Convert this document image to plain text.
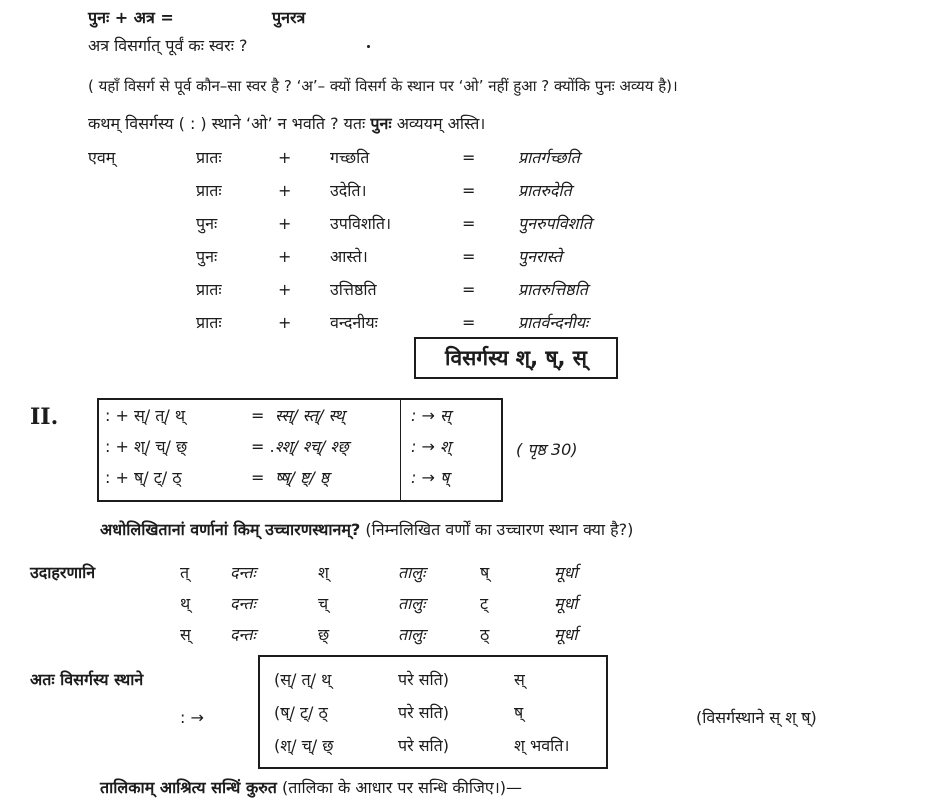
पुनः + अत्र =	पुनरत्र
अत्र विसर्गात् पूर्वं कः स्वरः ?
( यहाँ विसर्ग से पूर्व कौन–सा स्वर है ? ‘अ’– क्यों विसर्ग के स्थान पर ‘ओ’ नहीं हुआ ? क्योंकि पुनः अव्यय है)।
कथम् विसर्गस्य ( : ) स्थाने ‘ओ’ न भवति ? यतः पुनः अव्ययम् अस्ति।
एवम्	प्रातः	+ गच्छति	=	प्रातर्गच्छति
प्रातः	+ उदेति।	=	प्रातरुदेति
पुनः	+ उपविशति।	=	पुनरुपविशति
पुनः	+ आस्ते।	=	पुनरास्ते
प्रातः	+ उत्तिष्ठति	=	प्रातरुत्तिष्ठति
प्रातः	+ वन्दनीयः	=	प्रातर्वन्दनीयः
विसर्गस्य श्, ष्, स्
II.	: + स्/ त्/ थ्	= स्स्/ स्त्/ स्थ्	: → स्
: + श्/ च्/ छ्	= . श्श्/ श्च्/ श्छ्	: → श्
: + ष्/ ट्/ ठ्	= ष्ष्/ ष्ट्/ ष्ठ्	: → ष्
( पृष्ठ 30)
अधोलिखितानां वर्णानां किम् उच्चारणस्थानम्? (निम्नलिखित वर्णों का उच्चारण स्थान क्या है?)
उदाहरणानि	त्	दन्तः	श्	तालुः	ष्	मूर्धा
थ् दन्तः	च्	तालुः	ट्	मूर्धा
स् दन्तः	छ्	तालुः	ठ्	मूर्धा
अतः विसर्गस्य स्थाने
: →
(स्/ त्/ थ्	परे सति)	स्
(ष्/ ट्/ ठ्	परे सति)	ष्
(श्/ च्/ छ्	परे सति)	श् भवति।
(विसर्गस्थाने स् श् ष्)
तालिकाम् आश्रित्य सन्धिं कुरुत (तालिका के आधार पर सन्धि कीजिए।)—
